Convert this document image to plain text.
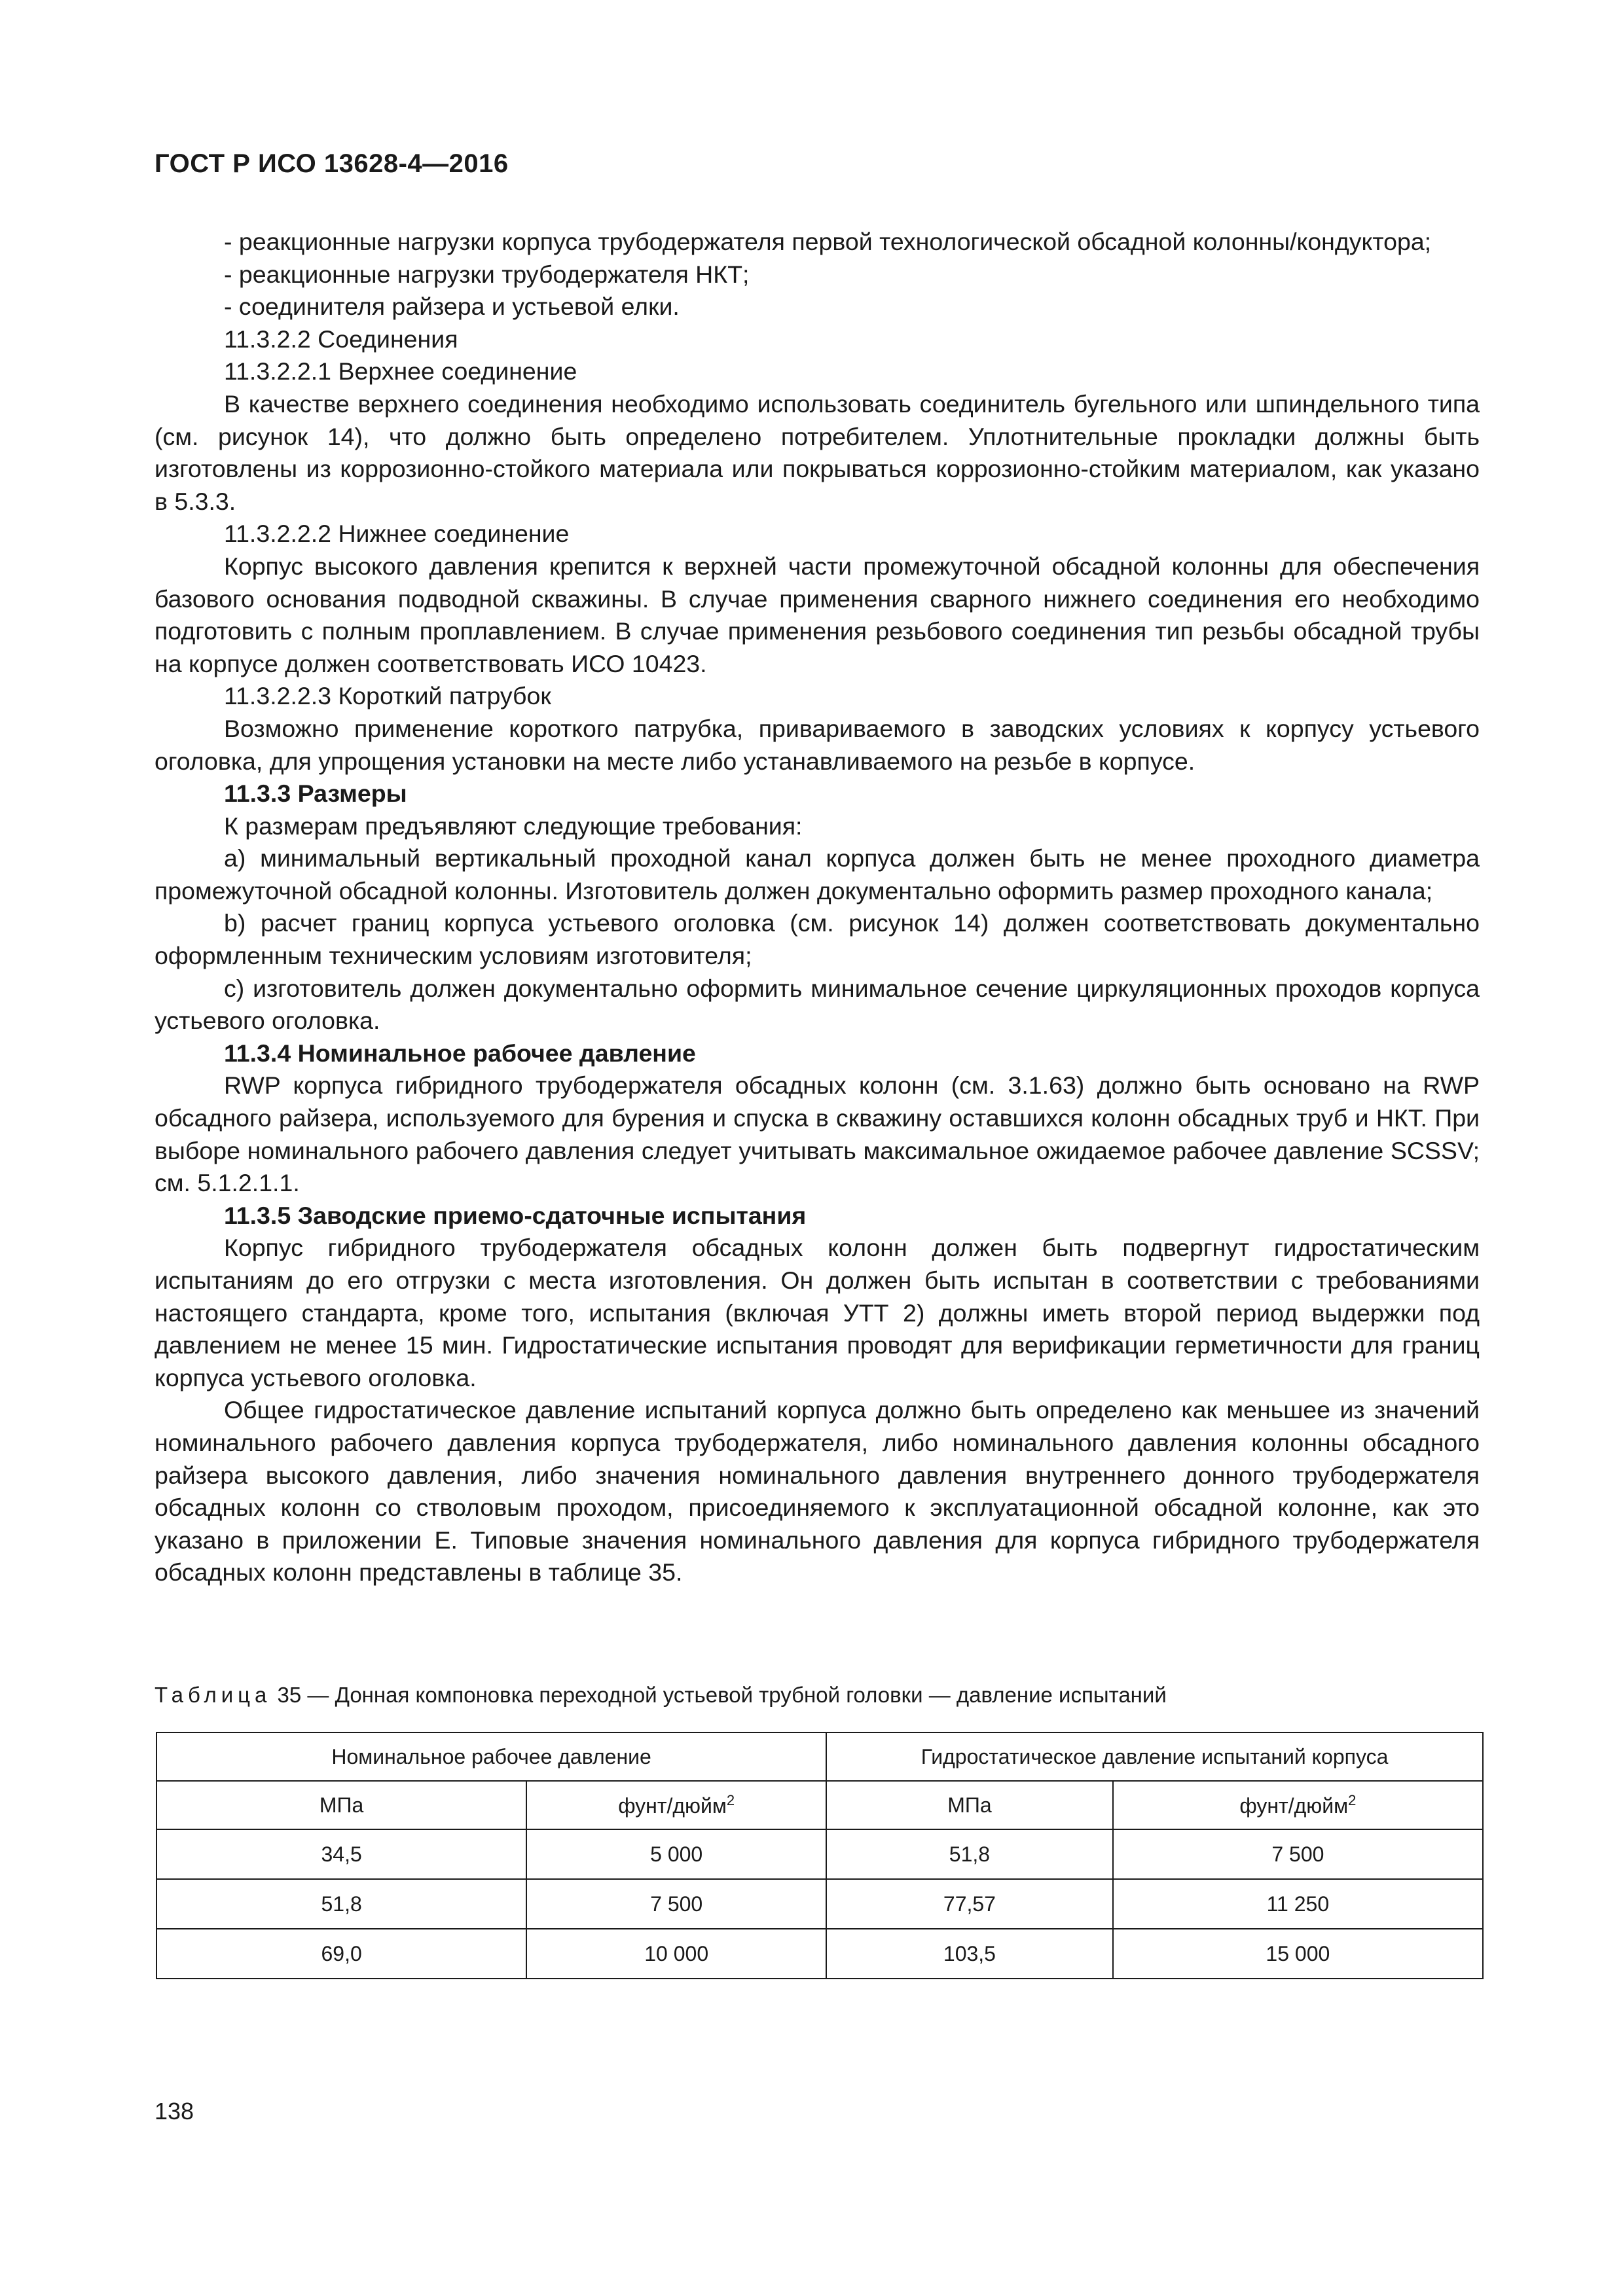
ГОСТ Р ИСО 13628-4—2016

- реакционные нагрузки корпуса трубодержателя первой технологической обсадной колонны/кондуктора;

- реакционные нагрузки трубодержателя НКТ;

- соединителя райзера и устьевой елки.

11.3.2.2 Соединения

11.3.2.2.1 Верхнее соединение

В качестве верхнего соединения необходимо использовать соединитель бугельного или шпиндельного типа (см. рисунок 14), что должно быть определено потребителем. Уплотнительные прокладки должны быть изготовлены из коррозионно-стойкого материала или покрываться коррозионно-стойким материалом, как указано в 5.3.3.

11.3.2.2.2 Нижнее соединение

Корпус высокого давления крепится к верхней части промежуточной обсадной колонны для обеспечения базового основания подводной скважины. В случае применения сварного нижнего соединения его необходимо подготовить с полным проплавлением. В случае применения резьбового соединения тип резьбы обсадной трубы на корпусе должен соответствовать ИСО 10423.

11.3.2.2.3 Короткий патрубок

Возможно применение короткого патрубка, привариваемого в заводских условиях к корпусу устьевого оголовка, для упрощения установки на месте либо устанавливаемого на резьбе в корпусе.

11.3.3 Размеры

К размерам предъявляют следующие требования:

а) минимальный вертикальный проходной канал корпуса должен быть не менее проходного диаметра промежуточной обсадной колонны. Изготовитель должен документально оформить размер проходного канала;

b) расчет границ корпуса устьевого оголовка (см. рисунок 14) должен соответствовать документально оформленным техническим условиям изготовителя;

с) изготовитель должен документально оформить минимальное сечение циркуляционных проходов корпуса устьевого оголовка.

11.3.4 Номинальное рабочее давление

RWP корпуса гибридного трубодержателя обсадных колонн (см. 3.1.63) должно быть основано на RWP обсадного райзера, используемого для бурения и спуска в скважину оставшихся колонн обсадных труб и НКТ. При выборе номинального рабочего давления следует учитывать максимальное ожидаемое рабочее давление SCSSV; см. 5.1.2.1.1.

11.3.5 Заводские приемо-сдаточные испытания

Корпус гибридного трубодержателя обсадных колонн должен быть подвергнут гидростатическим испытаниям до его отгрузки с места изготовления. Он должен быть испытан в соответствии с требованиями настоящего стандарта, кроме того, испытания (включая УТТ 2) должны иметь второй период выдержки под давлением не менее 15 мин. Гидростатические испытания проводят для верификации герметичности для границ корпуса устьевого оголовка.

Общее гидростатическое давление испытаний корпуса должно быть определено как меньшее из значений номинального рабочего давления корпуса трубодержателя, либо номинального давления колонны обсадного райзера высокого давления, либо значения номинального давления внутреннего донного трубодержателя обсадных колонн со стволовым проходом, присоединяемого к эксплуатационной обсадной колонне, как это указано в приложении Е. Типовые значения номинального давления для корпуса гибридного трубодержателя обсадных колонн представлены в таблице 35.

Таблица 35 — Донная компоновка переходной устьевой трубной головки — давление испытаний
Номинальное рабочее давление		Гидростатическое давление испытаний корпуса	
МПа	фунт/дюйм$^2$	МПа	фунт/дюйм$^2$
34,5	5 000	51,8	7 500
51,8	7 500	77,57	11 250
69,0	10 000	103,5	15 000
138
